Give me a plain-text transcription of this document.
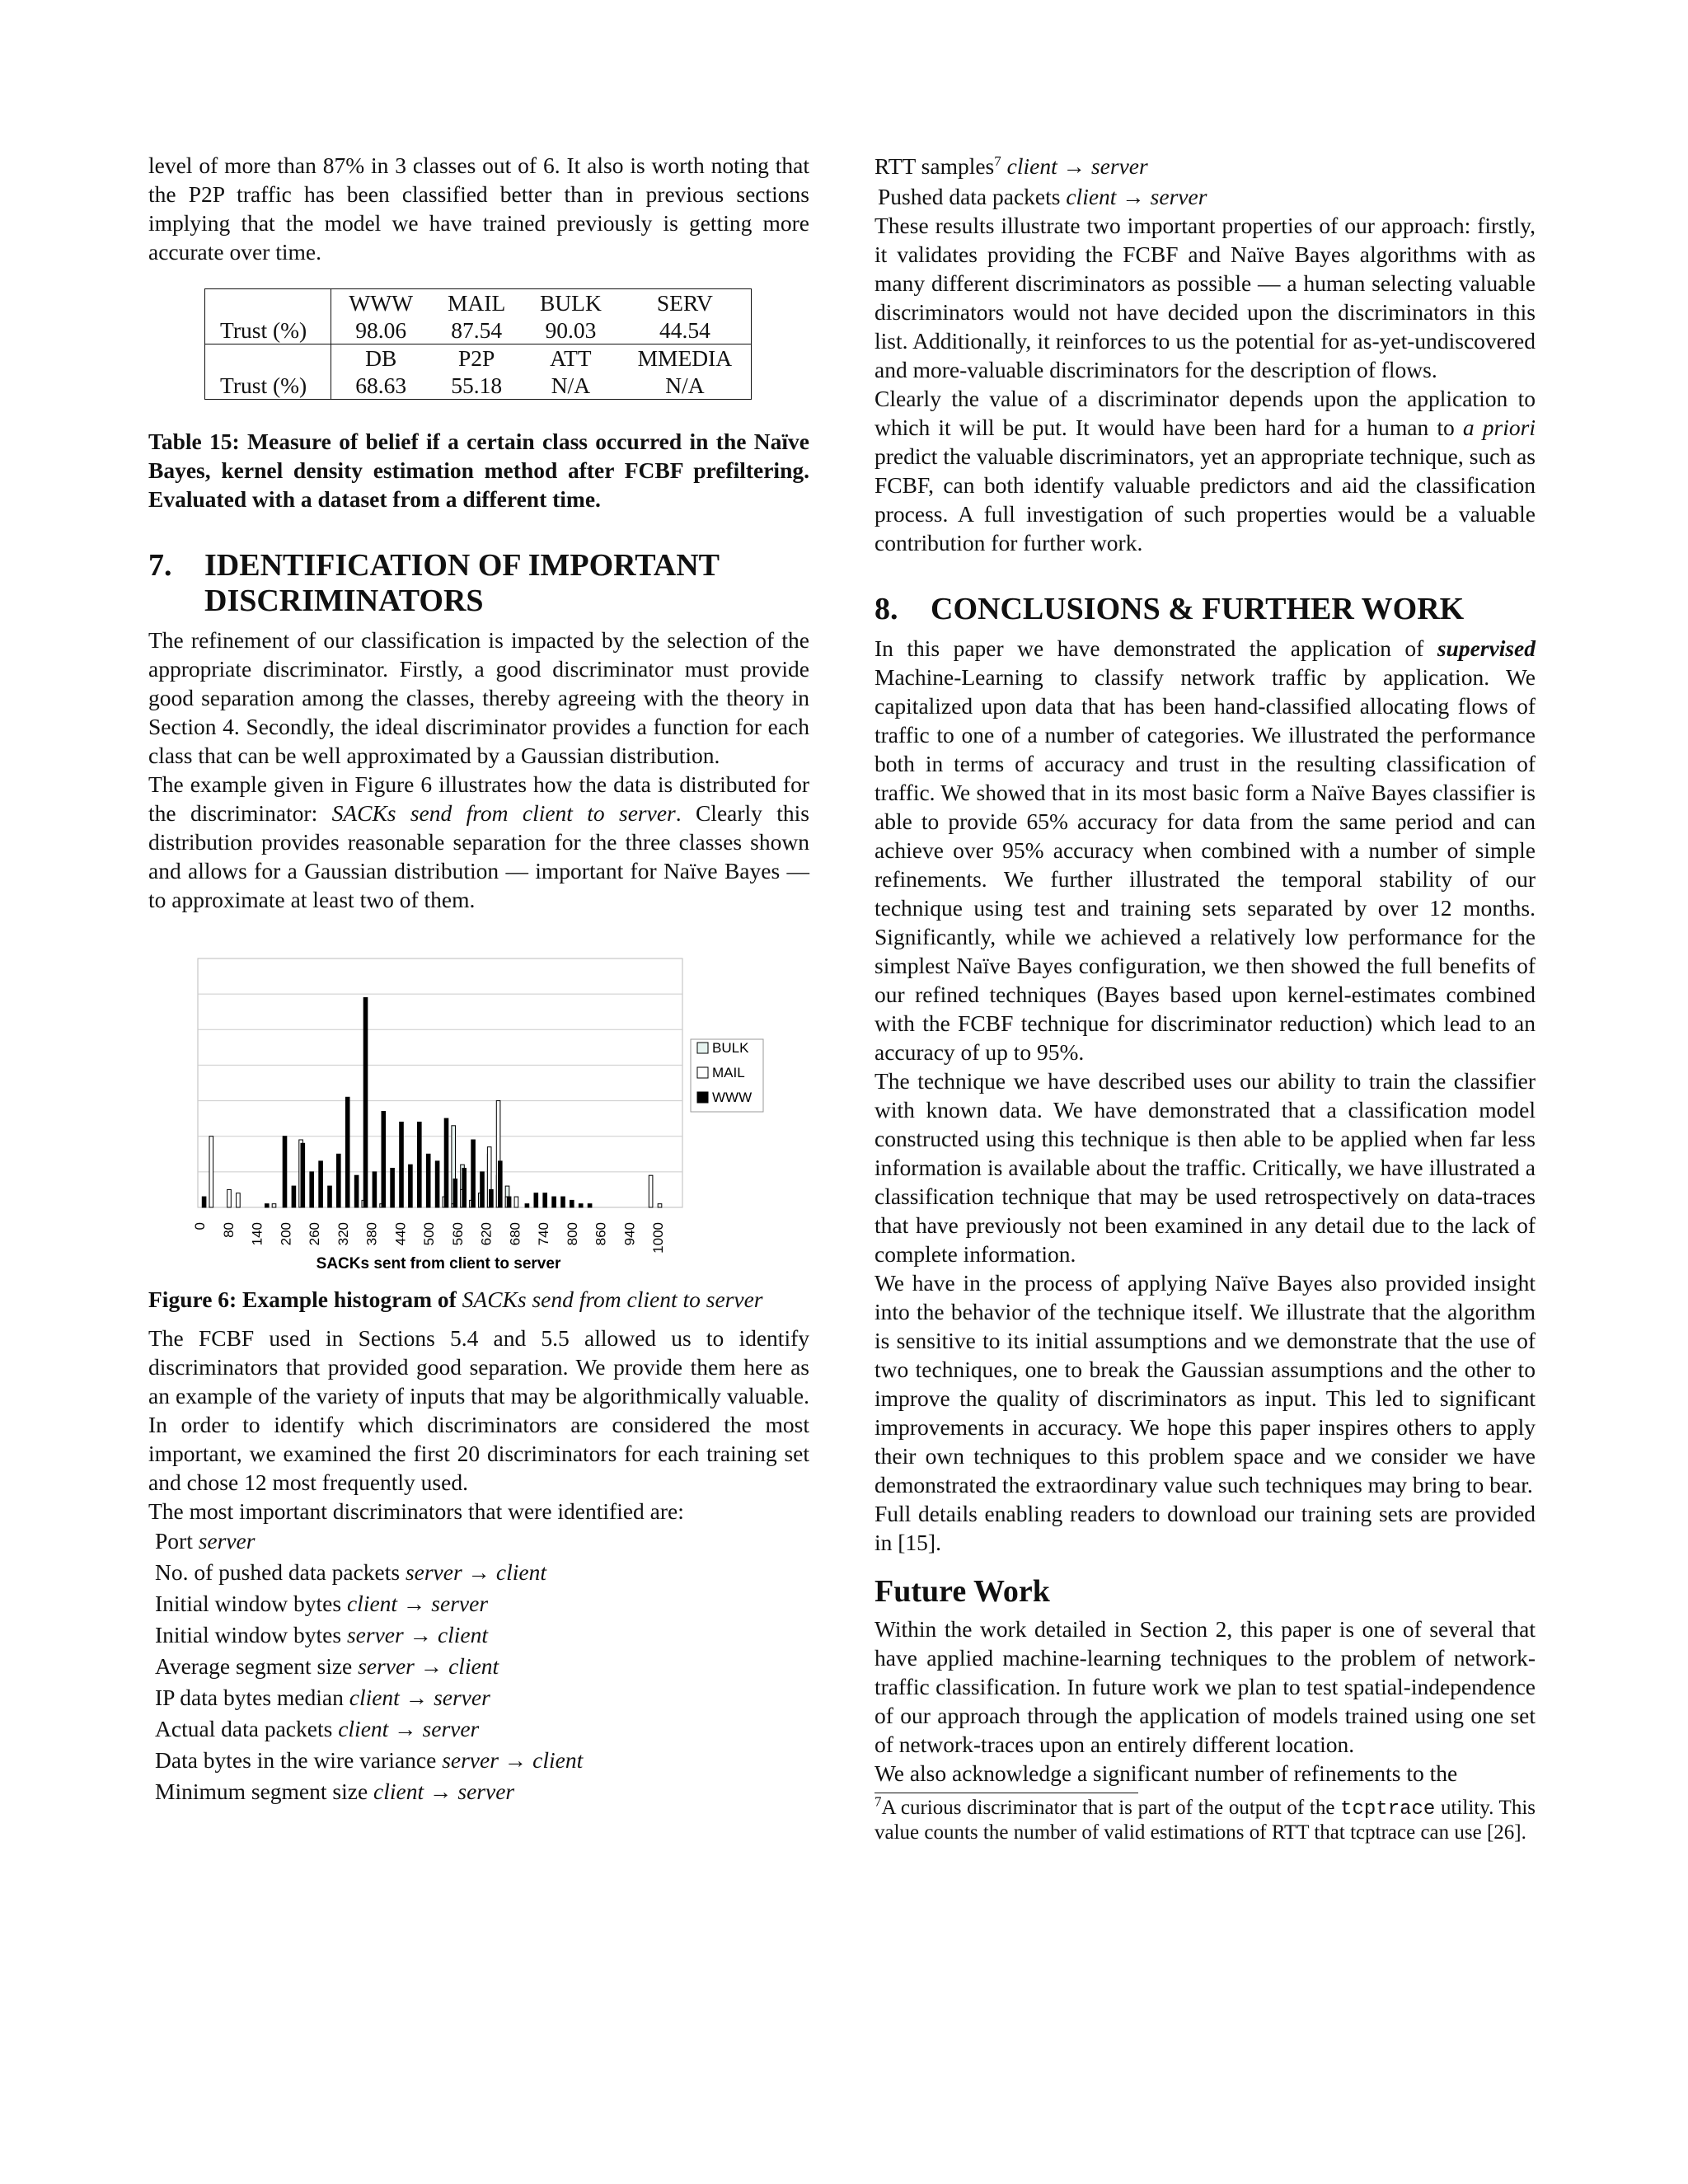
level of more than 87% in 3 classes out of 6. It also is worth noting that the P2P traffic has been classified better than in previous sections implying that the model we have trained previously is getting more accurate over time.

	WWW	MAIL	BULK	SERV
Trust (%)	98.06	87.54	90.03	44.54
	DB	P2P	ATT	MMEDIA
Trust (%)	68.63	55.18	N/A	N/A

Table 15: Measure of belief if a certain class occurred in the Naïve Bayes, kernel density estimation method after FCBF prefiltering. Evaluated with a dataset from a different time.

7. IDENTIFICATION OF IMPORTANT
DISCRIMINATORS

The refinement of our classification is impacted by the selection of the appropriate discriminator. Firstly, a good discriminator must provide good separation among the classes, thereby agreeing with the theory in Section 4. Secondly, the ideal discriminator provides a function for each class that can be well approximated by a Gaussian distribution.

The example given in Figure 6 illustrates how the data is distributed for the discriminator: SACKs send from client to server. Clearly this distribution provides reasonable separation for the three classes shown and allows for a Gaussian distribution — important for Naïve Bayes — to approximate at least two of them.

0 80 140 200 260 320 380 440 500 560 620 680 740 800 860 940 1000
SACKs sent from client to server
BULK
MAIL
WWW

Figure 6: Example histogram of SACKs send from client to server

The FCBF used in Sections 5.4 and 5.5 allowed us to identify discriminators that provided good separation. We provide them here as an example of the variety of inputs that may be algorithmically valuable. In order to identify which discriminators are considered the most important, we examined the first 20 discriminators for each training set and chose 12 most frequently used.

The most important discriminators that were identified are:

Port server
No. of pushed data packets server → client
Initial window bytes client → server
Initial window bytes server → client
Average segment size server → client
IP data bytes median client → server
Actual data packets client → server
Data bytes in the wire variance server → client
Minimum segment size client → server
RTT samples$^7$ client → server
Pushed data packets client → server

These results illustrate two important properties of our approach: firstly, it validates providing the FCBF and Naïve Bayes algorithms with as many different discriminators as possible — a human selecting valuable discriminators would not have decided upon the discriminators in this list. Additionally, it reinforces to us the potential for as-yet-undiscovered and more-valuable discriminators for the description of flows.

Clearly the value of a discriminator depends upon the application to which it will be put. It would have been hard for a human to a priori predict the valuable discriminators, yet an appropriate technique, such as FCBF, can both identify valuable predictors and aid the classification process. A full investigation of such properties would be a valuable contribution for further work.

8. CONCLUSIONS & FURTHER WORK

In this paper we have demonstrated the application of supervised Machine-Learning to classify network traffic by application. We capitalized upon data that has been hand-classified allocating flows of traffic to one of a number of categories. We illustrated the performance both in terms of accuracy and trust in the resulting classification of traffic. We showed that in its most basic form a Naïve Bayes classifier is able to provide 65% accuracy for data from the same period and can achieve over 95% accuracy when combined with a number of simple refinements. We further illustrated the temporal stability of our technique using test and training sets separated by over 12 months. Significantly, while we achieved a relatively low performance for the simplest Naïve Bayes configuration, we then showed the full benefits of our refined techniques (Bayes based upon kernel-estimates combined with the FCBF technique for discriminator reduction) which lead to an accuracy of up to 95%.

The technique we have described uses our ability to train the classifier with known data. We have demonstrated that a classification model constructed using this technique is then able to be applied when far less information is available about the traffic. Critically, we have illustrated a classification technique that may be used retrospectively on data-traces that have previously not been examined in any detail due to the lack of complete information.

We have in the process of applying Naïve Bayes also provided insight into the behavior of the technique itself. We illustrate that the algorithm is sensitive to its initial assumptions and we demonstrate that the use of two techniques, one to break the Gaussian assumptions and the other to improve the quality of discriminators as input. This led to significant improvements in accuracy. We hope this paper inspires others to apply their own techniques to this problem space and we consider we have demonstrated the extraordinary value such techniques may bring to bear.

Full details enabling readers to download our training sets are provided in [15].

Future Work

Within the work detailed in Section 2, this paper is one of several that have applied machine-learning techniques to the problem of network-traffic classification. In future work we plan to test spatial-independence of our approach through the application of models trained using one set of network-traces upon an entirely different location.

We also acknowledge a significant number of refinements to the

$^7$A curious discriminator that is part of the output of the tcptrace utility. This value counts the number of valid estimations of RTT that tcptrace can use [26].
